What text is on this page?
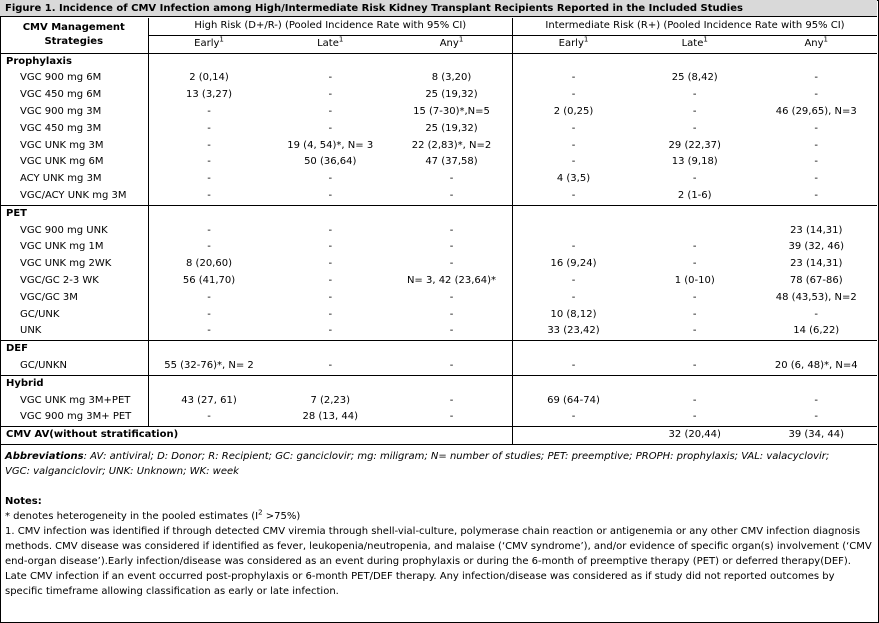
Figure 1. Incidence of CMV Infection among High/Intermediate Risk Kidney Transplant Recipients Reported in the Included Studies
CMV Management
Strategies	High Risk (D+/R-) (Pooled Incidence Rate with 95% CI)			Intermediate Risk (R+) (Pooled Incidence Rate with 95% CI)		
	Early$^1$	Late$^1$	Any$^1$	Early$^1$	Late$^1$	Any$^1$
Prophylaxis						
VGC 900 mg 6M	2 (0,14)	-	8 (3,20)	-	25 (8,42)	-
VGC 450 mg 6M	13 (3,27)	-	25 (19,32)	-	-	-
VGC 900 mg 3M	-	-	15 (7-30)*,N=5	2 (0,25)	-	46 (29,65), N=3
VGC 450 mg 3M	-	-	25 (19,32)	-	-	-
VGC UNK mg 3M	-	19 (4, 54)*, N= 3	22 (2,83)*, N=2	-	29 (22,37)	-
VGC UNK mg 6M	-	50 (36,64)	47 (37,58)	-	13 (9,18)	-
ACY UNK mg 3M	-	-	-	4 (3,5)	-	-
VGC/ACY UNK mg 3M	-	-	-	-	2 (1-6)	-
PET						
VGC 900 mg UNK	-	-	-			23 (14,31)
VGC UNK mg 1M	-	-	-	-	-	39 (32, 46)
VGC UNK mg 2WK	8 (20,60)	-	-	16 (9,24)	-	23 (14,31)
VGC/GC 2-3 WK	56 (41,70)	-	N= 3, 42 (23,64)*	-	1 (0-10)	78 (67-86)
VGC/GC 3M	-	-	-	-	-	48 (43,53), N=2
GC/UNK	-	-	-	10 (8,12)	-	-
UNK	-	-	-	33 (23,42)	-	14 (6,22)
DEF						
GC/UNKN	55 (32-76)*, N= 2	-	-	-	-	20 (6, 48)*, N=4
Hybrid						
VGC UNK mg 3M+PET	43 (27, 61)	7 (2,23)	-	69 (64-74)	-	-
VGC 900 mg 3M+ PET	-	28 (13, 44)	-	-	-	-
CMV AV(without stratification)					32 (20,44)	39 (34, 44)

Abbreviations: AV: antiviral; D: Donor; R: Recipient; GC: ganciclovir; mg: miligram; N= number of studies; PET: preemptive; PROPH: prophylaxis; VAL: valacyclovir;

VGC: valganciclovir; UNK: Unknown; WK: week

Notes:

* denotes heterogeneity in the pooled estimates $(I^2 >75\%)$

1. CMV infection was identified if through detected CMV viremia through shell-vial-culture, polymerase chain reaction or antigenemia or any other CMV infection diagnosis methods. CMV disease was considered if identified as fever, leukopenia/neutropenia, and malaise (‘CMV syndrome’), and/or evidence of specific organ(s) involvement (‘CMV end-organ disease’).Early infection/disease was considered as an event during prophylaxis or during the 6-month of preemptive therapy (PET) or deferred therapy(DEF). Late CMV infection if an event occurred post-prophylaxis or 6-month PET/DEF therapy. Any infection/disease was considered as if study did not reported outcomes by specific timeframe allowing classification as early or late infection.
